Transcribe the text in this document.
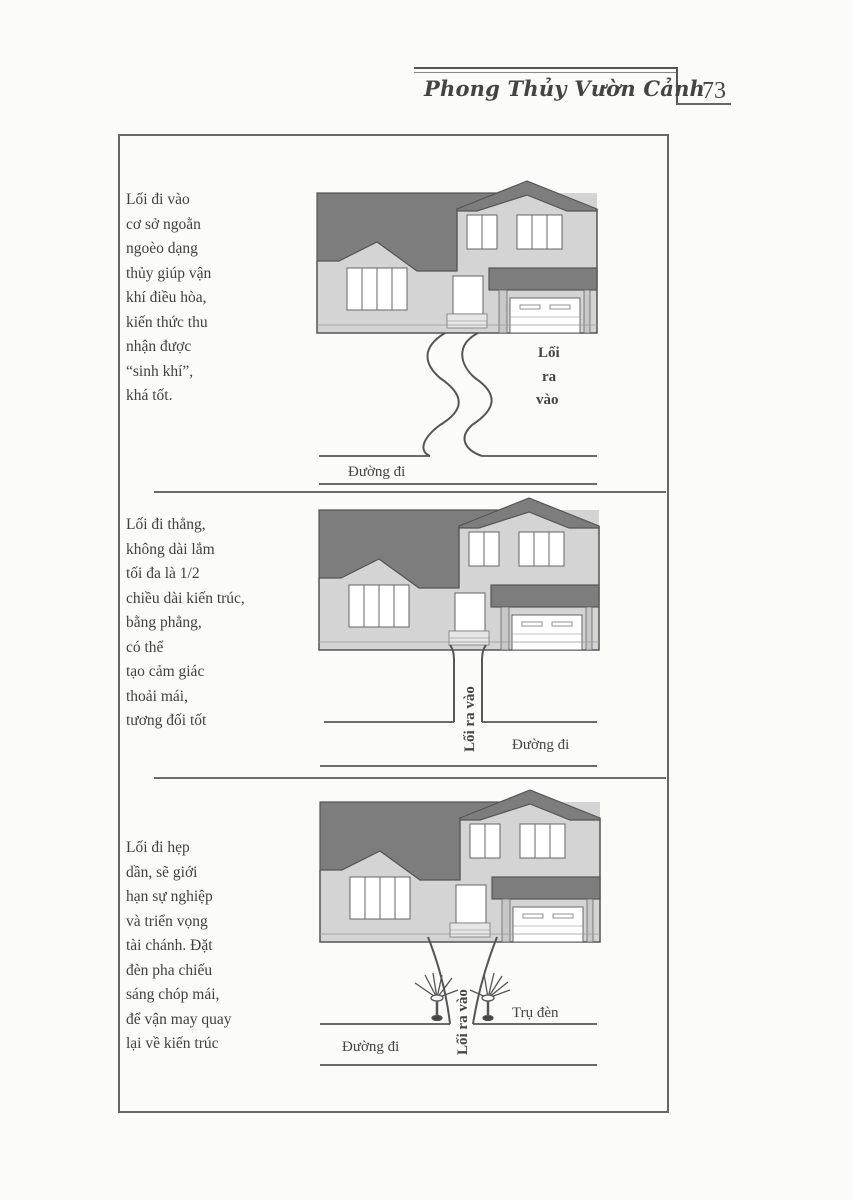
Phong Thủy Vườn Cảnh
73
Lối đi vào
cơ sở ngoằn
ngoèo dạng
thủy giúp vận
khí điều hòa,
kiến thức thu
nhận được
“sinh khí”,
khá tốt.
Lối đi thẳng,
không dài lắm
tối đa là 1/2
chiều dài kiến trúc,
bằng phẳng,
có thể
tạo cảm giác
thoải mái,
tương đối tốt
Lối đi hẹp
dần, sẽ giới
hạn sự nghiệp
và triển vọng
tài chánh. Đặt
đèn pha chiếu
sáng chóp mái,
để vận may quay
lại về kiến trúc
Lối
ra
vào
Đường đi
Lối ra vào Đường đi
Lối ra vào	Trụ đèn
Đường đi
